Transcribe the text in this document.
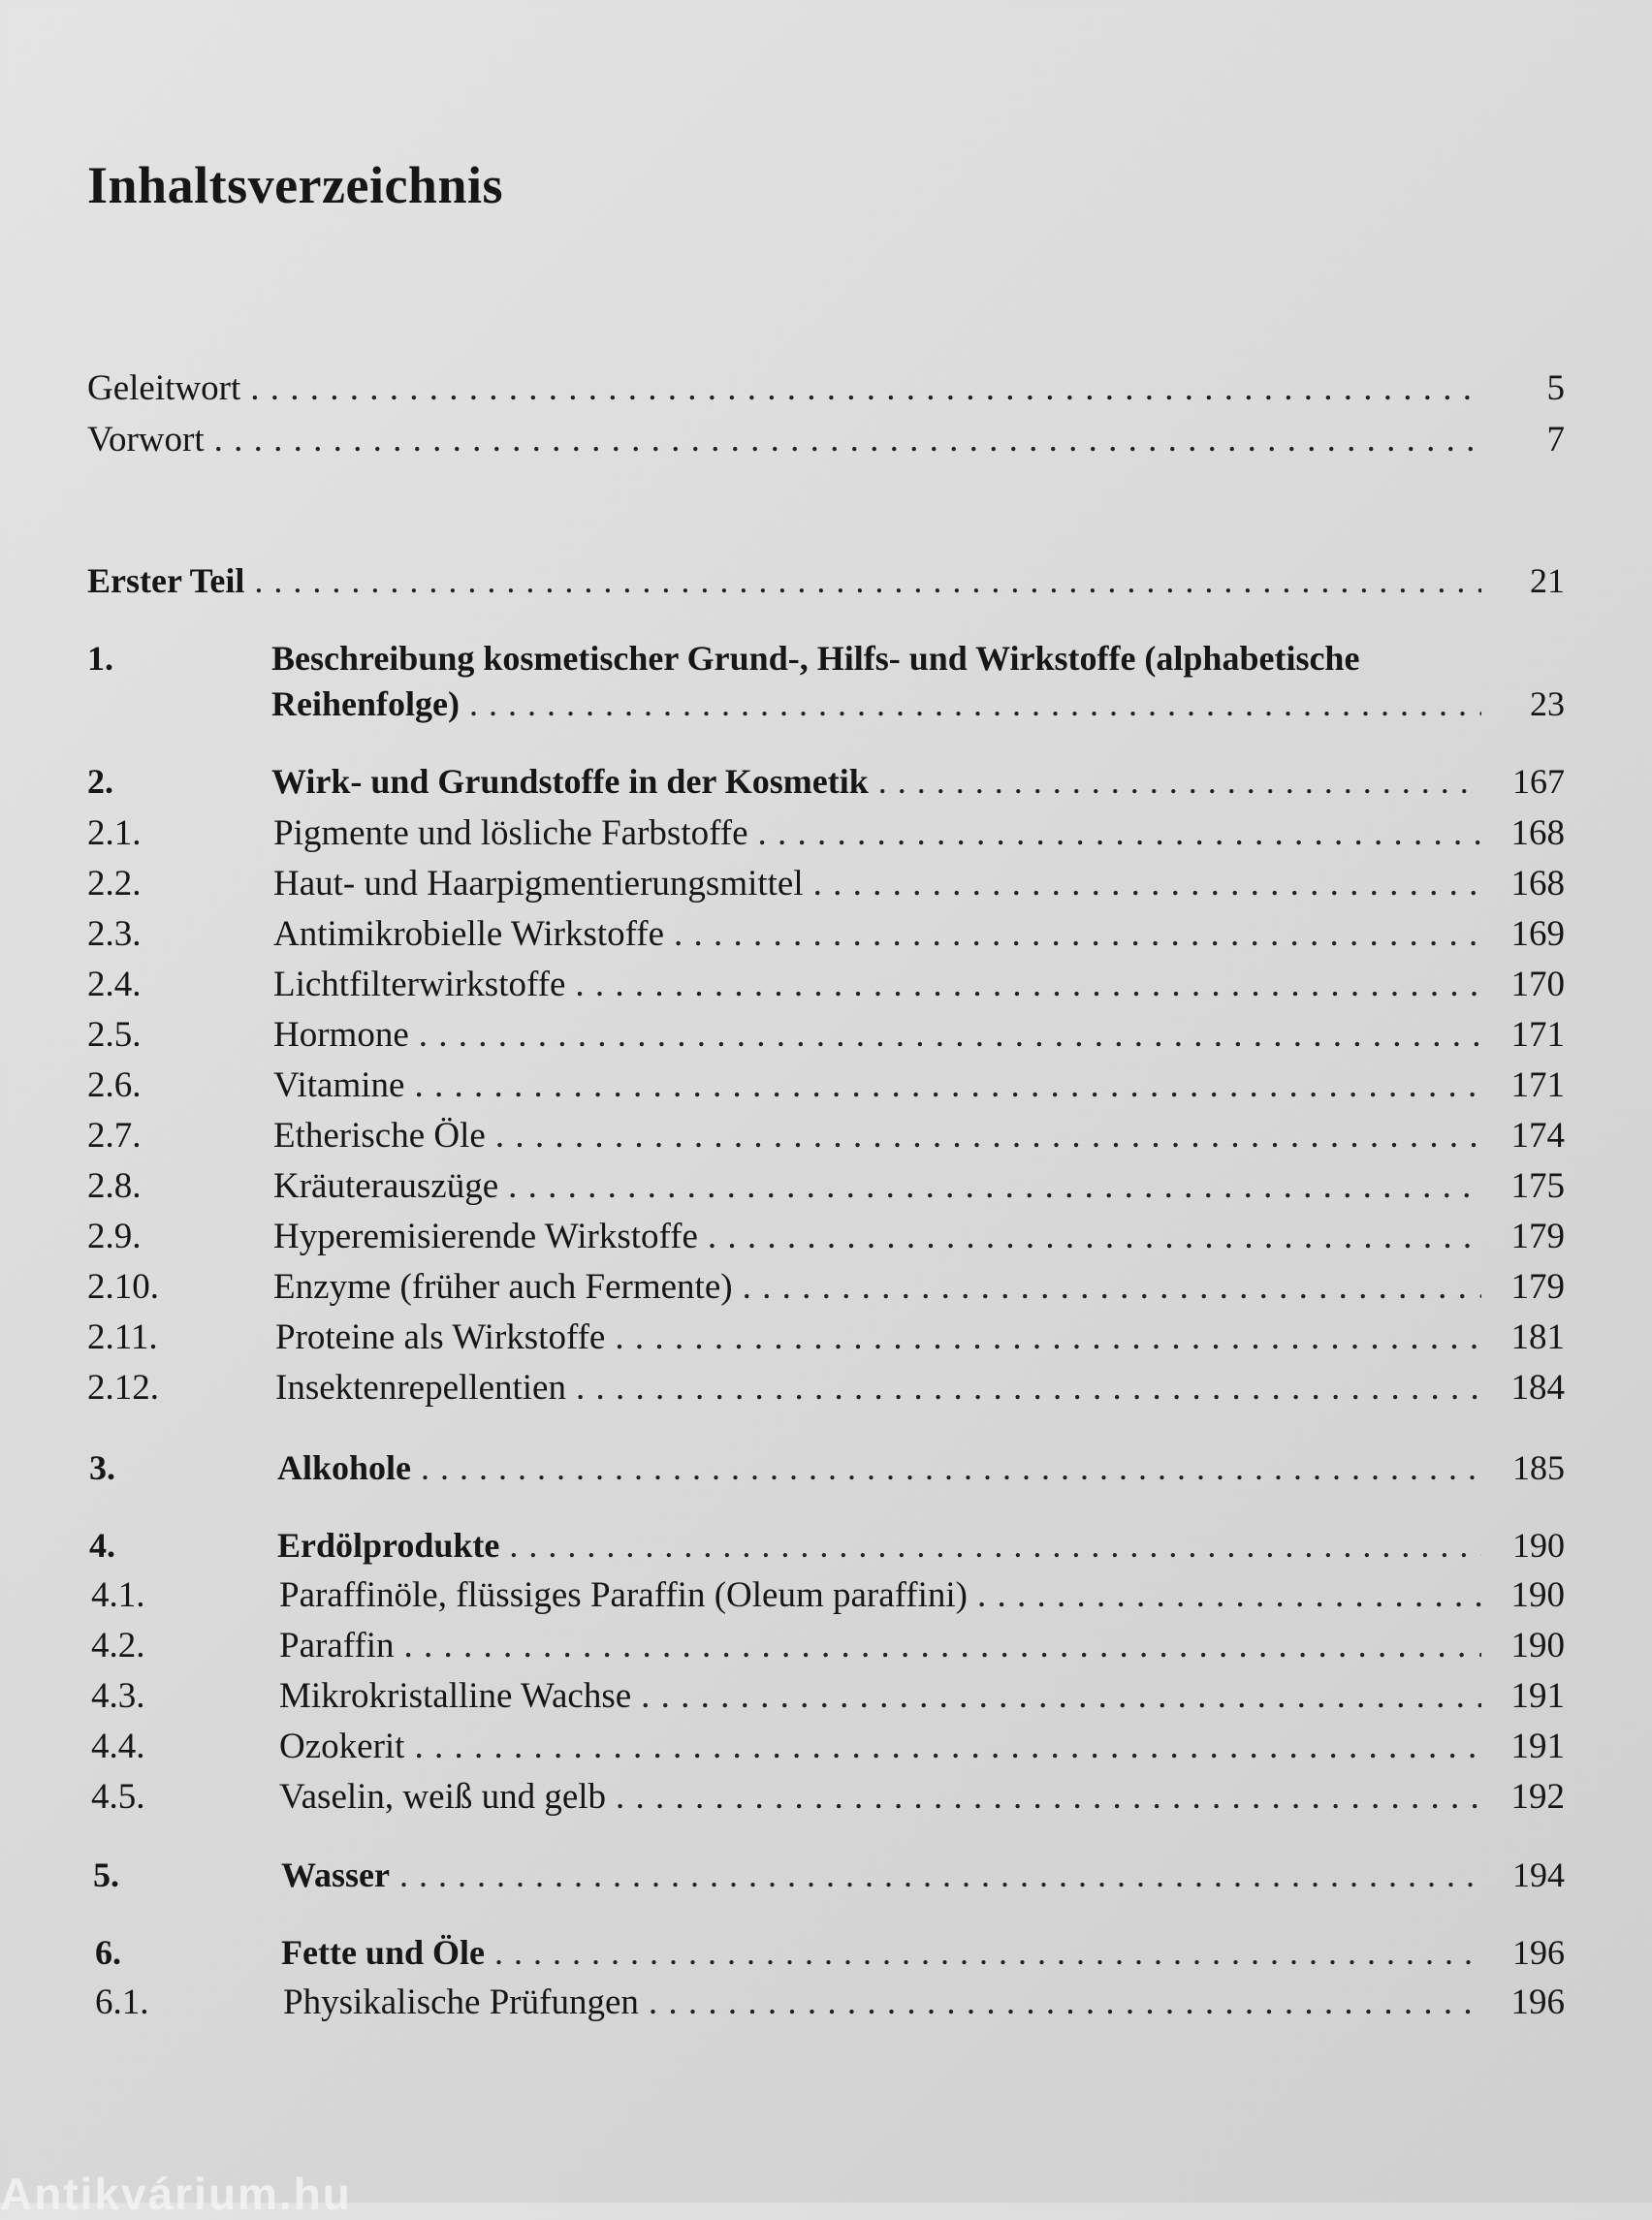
Inhaltsverzeichnis
Geleitwort . . .	5
Vorwort . . .	7
Erster Teil . . .	21
1.	Beschreibung kosmetischer Grund-, Hilfs- und Wirkstoffe (alphabetische
Reihenfolge) . . .	23
2.	Wirk- und Grundstoffe in der Kosmetik . . .	167
2.1.	Pigmente und lösliche Farbstoffe . . .	168
2.2.	Haut- und Haarpigmentierungsmittel . . .	168
2.3.	Antimikrobielle Wirkstoffe . . .	169
2.4.	Lichtfilterwirkstoffe . . .	170
2.5.	Hormone . . .	171
2.6.	Vitamine . . .	171
2.7.	Etherische Öle . . .	174
2.8.	Kräuterauszüge . . .	175
2.9.	Hyperemisierende Wirkstoffe . . .	179
2.10.	Enzyme (früher auch Fermente) . . .	179
2.11.	Proteine als Wirkstoffe . . .	181
2.12.	Insektenrepellentien . . .	184
3.	Alkohole . . .	185
4.	Erdölprodukte . . .	190
4.1.	Paraffinöle, flüssiges Paraffin (Oleum paraffini) . . .	190
4.2.	Paraffin . . .	190
4.3.	Mikrokristalline Wachse . . .	191
4.4.	Ozokerit . . .	191
4.5.	Vaselin, weiß und gelb . . .	192
5.	Wasser . . .	194
6.	Fette und Öle . . .	196
6.1.	Physikalische Prüfungen . . .	196
Antikvárium.hu
